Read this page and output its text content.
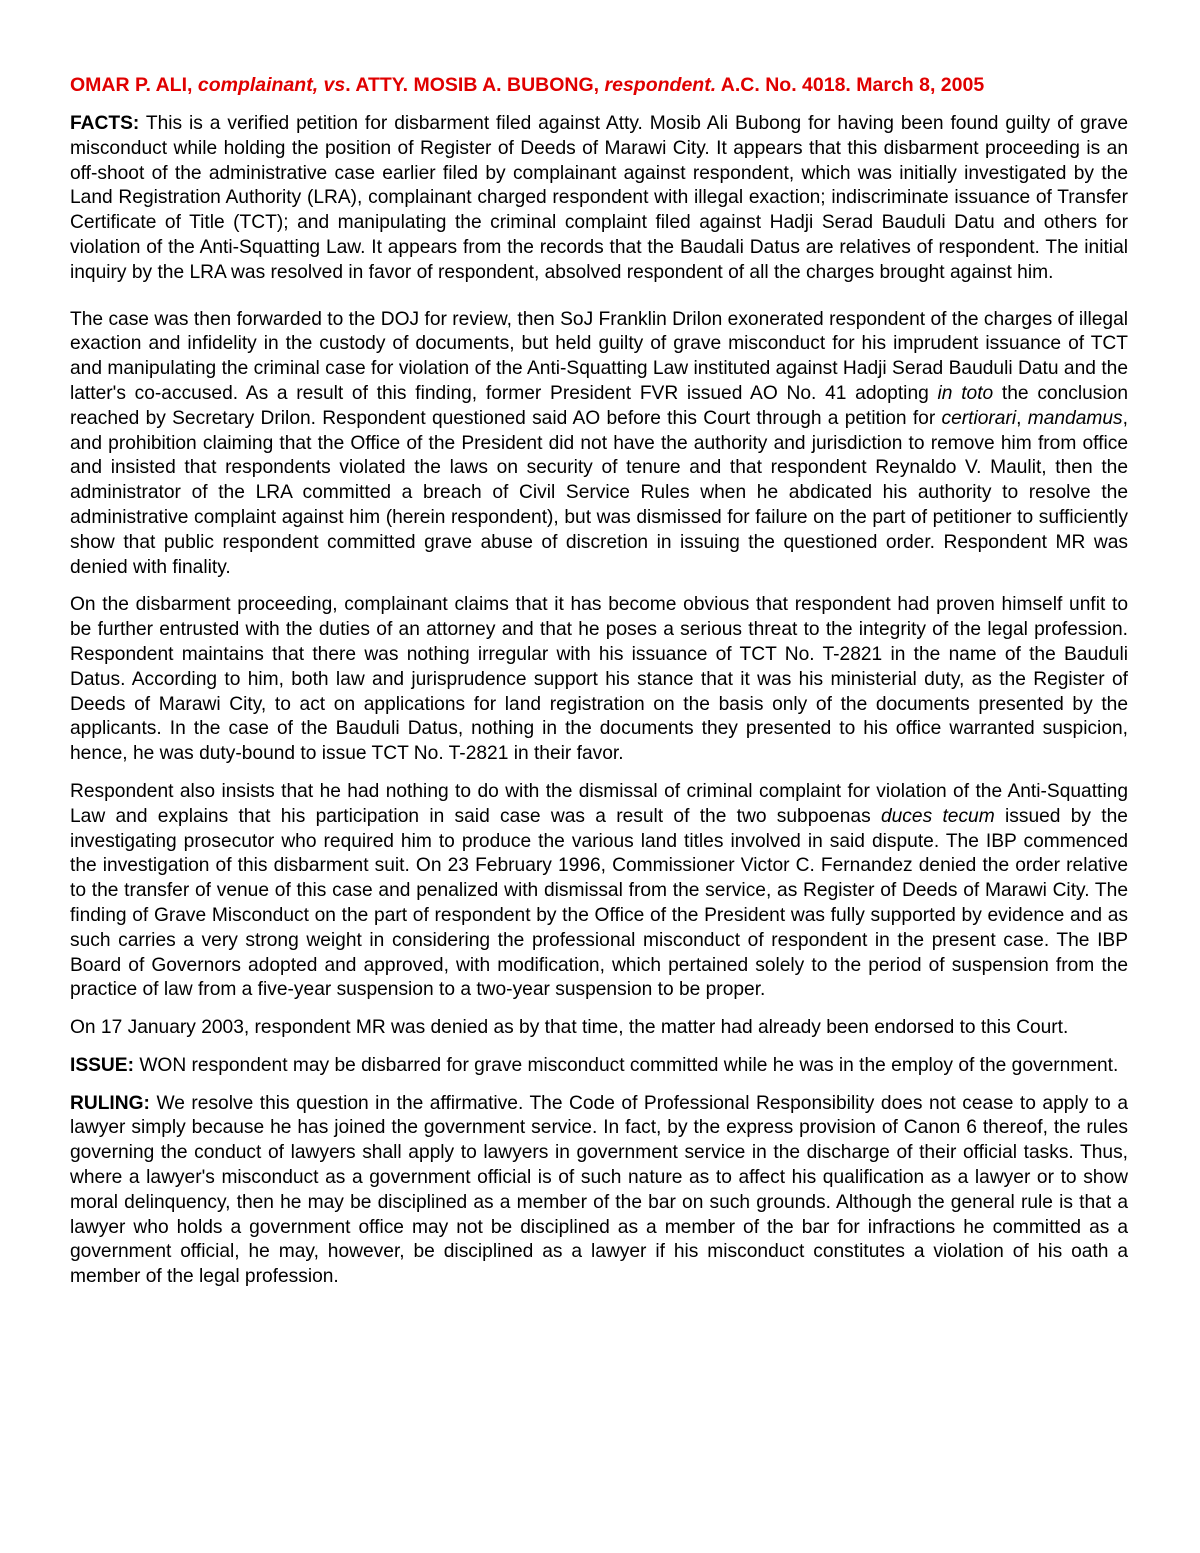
OMAR P. ALI, complainant, vs. ATTY. MOSIB A. BUBONG, respondent. A.C. No. 4018. March 8, 2005

FACTS: This is a verified petition for disbarment filed against Atty. Mosib Ali Bubong for having been found guilty of grave misconduct while holding the position of Register of Deeds of Marawi City. It appears that this disbarment proceeding is an off-shoot of the administrative case earlier filed by complainant against respondent, which was initially investigated by the Land Registration Authority (LRA), complainant charged respondent with illegal exaction; indiscriminate issuance of Transfer Certificate of Title (TCT); and manipulating the criminal complaint filed against Hadji Serad Bauduli Datu and others for violation of the Anti-Squatting Law. It appears from the records that the Baudali Datus are relatives of respondent. The initial inquiry by the LRA was resolved in favor of respondent, absolved respondent of all the charges brought against him.

The case was then forwarded to the DOJ for review, then SoJ Franklin Drilon exonerated respondent of the charges of illegal exaction and infidelity in the custody of documents, but held guilty of grave misconduct for his imprudent issuance of TCT and manipulating the criminal case for violation of the Anti-Squatting Law instituted against Hadji Serad Bauduli Datu and the latter's co-accused. As a result of this finding, former President FVR issued AO No. 41 adopting in toto the conclusion reached by Secretary Drilon. Respondent questioned said AO before this Court through a petition for certiorari, mandamus, and prohibition claiming that the Office of the President did not have the authority and jurisdiction to remove him from office and insisted that respondents violated the laws on security of tenure and that respondent Reynaldo V. Maulit, then the administrator of the LRA committed a breach of Civil Service Rules when he abdicated his authority to resolve the administrative complaint against him (herein respondent), but was dismissed for failure on the part of petitioner to sufficiently show that public respondent committed grave abuse of discretion in issuing the questioned order. Respondent MR was denied with finality.

On the disbarment proceeding, complainant claims that it has become obvious that respondent had proven himself unfit to be further entrusted with the duties of an attorney and that he poses a serious threat to the integrity of the legal profession. Respondent maintains that there was nothing irregular with his issuance of TCT No. T-2821 in the name of the Bauduli Datus. According to him, both law and jurisprudence support his stance that it was his ministerial duty, as the Register of Deeds of Marawi City, to act on applications for land registration on the basis only of the documents presented by the applicants. In the case of the Bauduli Datus, nothing in the documents they presented to his office warranted suspicion, hence, he was duty-bound to issue TCT No. T-2821 in their favor.

Respondent also insists that he had nothing to do with the dismissal of criminal complaint for violation of the Anti-Squatting Law and explains that his participation in said case was a result of the two subpoenas duces tecum issued by the investigating prosecutor who required him to produce the various land titles involved in said dispute. The IBP commenced the investigation of this disbarment suit. On 23 February 1996, Commissioner Victor C. Fernandez denied the order relative to the transfer of venue of this case and penalized with dismissal from the service, as Register of Deeds of Marawi City. The finding of Grave Misconduct on the part of respondent by the Office of the President was fully supported by evidence and as such carries a very strong weight in considering the professional misconduct of respondent in the present case. The IBP Board of Governors adopted and approved, with modification, which pertained solely to the period of suspension from the practice of law from a five-year suspension to a two-year suspension to be proper.

On 17 January 2003, respondent MR was denied as by that time, the matter had already been endorsed to this Court.

ISSUE: WON respondent may be disbarred for grave misconduct committed while he was in the employ of the government.

RULING: We resolve this question in the affirmative. The Code of Professional Responsibility does not cease to apply to a lawyer simply because he has joined the government service. In fact, by the express provision of Canon 6 thereof, the rules governing the conduct of lawyers shall apply to lawyers in government service in the discharge of their official tasks. Thus, where a lawyer's misconduct as a government official is of such nature as to affect his qualification as a lawyer or to show moral delinquency, then he may be disciplined as a member of the bar on such grounds. Although the general rule is that a lawyer who holds a government office may not be disciplined as a member of the bar for infractions he committed as a government official, he may, however, be disciplined as a lawyer if his misconduct constitutes a violation of his oath a member of the legal profession.
